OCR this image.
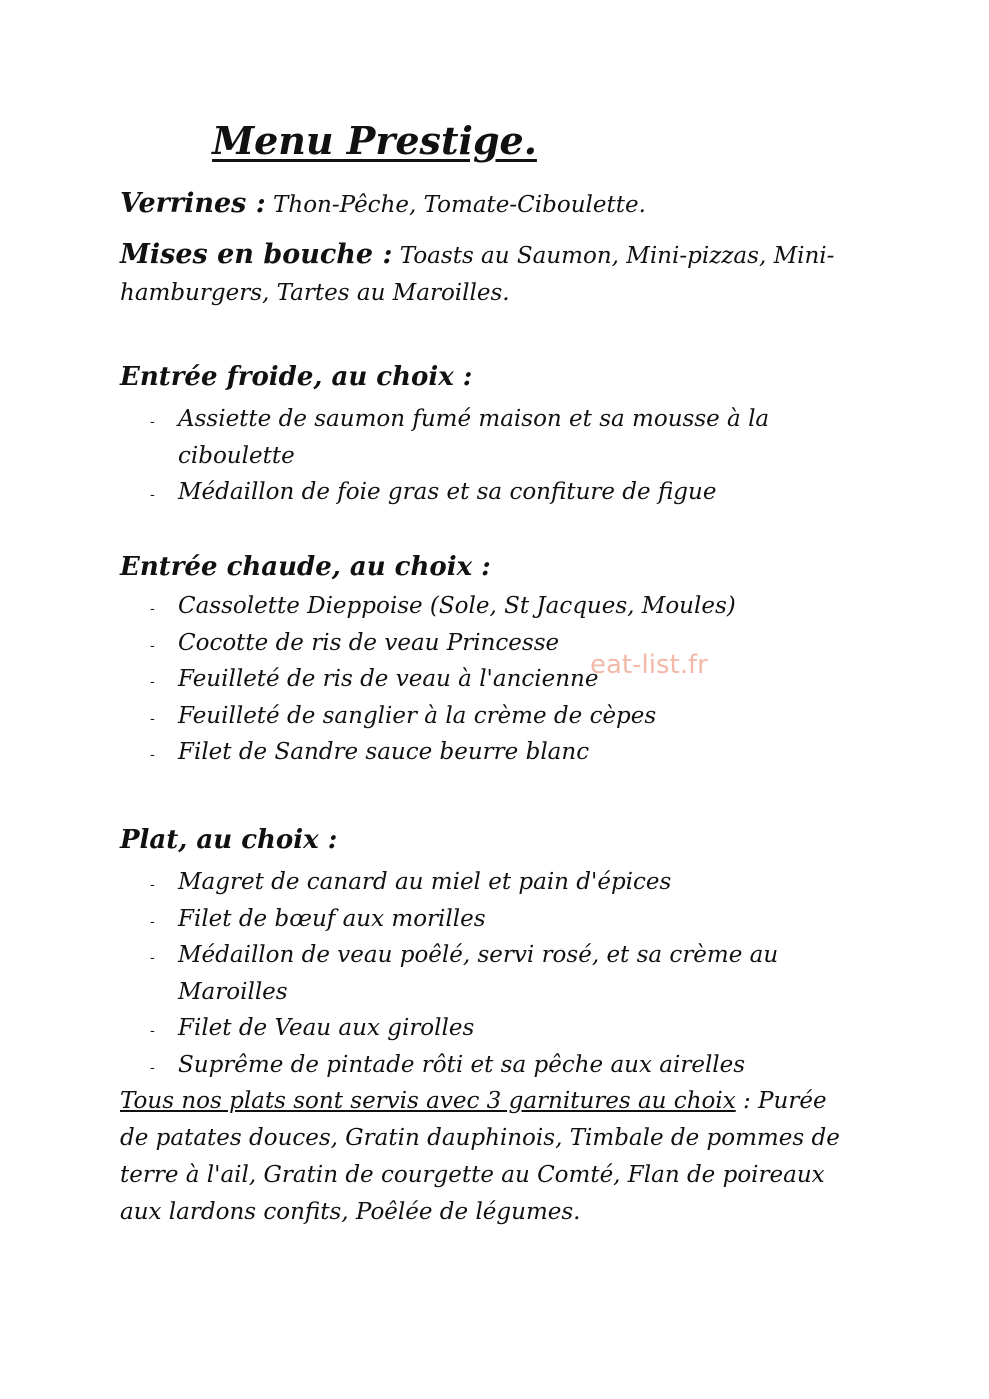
Menu Prestige.
Verrines : Thon-Pêche, Tomate-Ciboulette.
Mises en bouche : Toasts au Saumon, Mini-pizzas, Mini-hamburgers, Tartes au Maroilles.
Entrée froide, au choix :
- Assiette de saumon fumé maison et sa mousse à la ciboulette
- Médaillon de foie gras et sa confiture de figue
Entrée chaude, au choix :
- Cassolette Dieppoise (Sole, St Jacques, Moules)
- Cocotte de ris de veau Princesse
- Feuilleté de ris de veau à l'ancienne
- Feuilleté de sanglier à la crème de cèpes
- Filet de Sandre sauce beurre blanc
Plat, au choix :
- Magret de canard au miel et pain d'épices
- Filet de bœuf aux morilles
- Médaillon de veau poêlé, servi rosé, et sa crème au Maroilles
- Filet de Veau aux girolles
- Suprême de pintade rôti et sa pêche aux airelles
Tous nos plats sont servis avec 3 garnitures au choix : Purée de patates douces, Gratin dauphinois, Timbale de pommes de terre à l'ail, Gratin de courgette au Comté, Flan de poireaux aux lardons confits, Poêlée de légumes.
eat-list.fr
